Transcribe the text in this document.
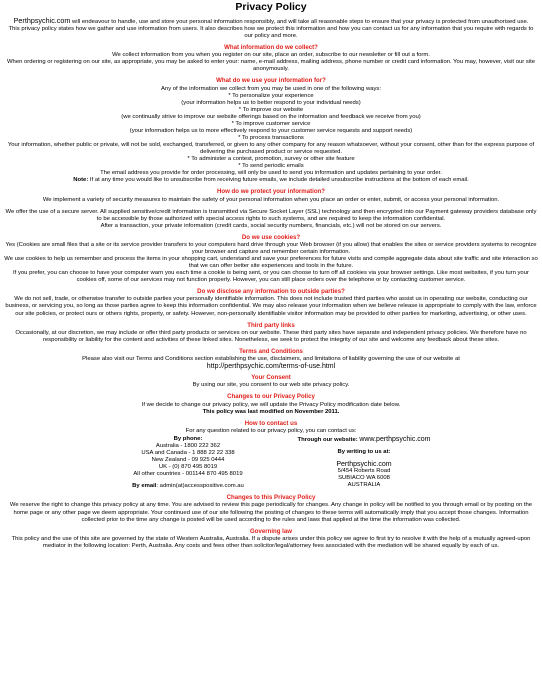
Privacy Policy

Perthpsychic.com will endeavour to handle, use and store your personal information responsibly, and will take all reasonable steps to ensure that your privacy is protected from unauthorised use.

This privacy policy states how we gather and use information from users. It also describes how we protect this information and how you can contact us for any information that you require with regards to our policy and more.

What information do we collect?

We collect information from you when you register on our site, place an order, subscribe to our newsletter or fill out a form.

When ordering or registering on our site, as appropriate, you may be asked to enter your: name, e-mail address, mailing address, phone number or credit card information. You may, however, visit our site anonymously.

What do we use your information for?

Any of the information we collect from you may be used in one of the following ways:

* To personalize your experience

(your information helps us to better respond to your individual needs)

* To improve our website

(we continually strive to improve our website offerings based on the information and feedback we receive from you)

* To improve customer service

(your information helps us to more effectively respond to your customer service requests and support needs)

* To process transactions

Your information, whether public or private, will not be sold, exchanged, transferred, or given to any other company for any reason whatsoever, without your consent, other than for the express purpose of delivering the purchased product or service requested.

* To administer a contest, promotion, survey or other site feature

* To send periodic emails

The email address you provide for order processing, will only be used to send you information and updates pertaining to your order.

Note: If at any time you would like to unsubscribe from receiving future emails, we include detailed unsubscribe instructions at the bottom of each email.

How do we protect your information?

We implement a variety of security measures to maintain the safety of your personal information when you place an order or enter, submit, or access your personal information.

We offer the use of a secure server. All supplied sensitive/credit information is transmitted via Secure Socket Layer (SSL) technology and then encrypted into our Payment gateway providers database only to be accessible by those authorized with special access rights to such systems, and are required to keep the information confidential.

After a transaction, your private information (credit cards, social security numbers, financials, etc.) will not be stored on our servers.

Do we use cookies?

Yes (Cookies are small files that a site or its service provider transfers to your computers hard drive through your Web browser (if you allow) that enables the sites or service providers systems to recognize your browser and capture and remember certain information.

We use cookies to help us remember and process the items in your shopping cart, understand and save your preferences for future visits and compile aggregate data about site traffic and site interaction so that we can offer better site experiences and tools in the future.

If you prefer, you can choose to have your computer warn you each time a cookie is being sent, or you can choose to turn off all cookies via your browser settings. Like most websites, if you turn your cookies off, some of our services may not function properly. However, you can still place orders over the telephone or by contacting customer service.

Do we disclose any information to outside parties?

We do not sell, trade, or otherwise transfer to outside parties your personally identifiable information. This does not include trusted third parties who assist us in operating our website, conducting our business, or servicing you, so long as those parties agree to keep this information confidential. We may also release your information when we believe release is appropriate to comply with the law, enforce our site policies, or protect ours or others rights, property, or safety. However, non-personally identifiable visitor information may be provided to other parties for marketing, advertising, or other uses.

Third party links

Occasionally, at our discretion, we may include or offer third party products or services on our website. These third party sites have separate and independent privacy policies. We therefore have no responsibility or liability for the content and activities of these linked sites. Nonetheless, we seek to protect the integrity of our site and welcome any feedback about these sites.

Terms and Conditions

Please also visit our Terms and Conditions section establishing the use, disclaimers, and limitations of liability governing the use of our website at

http://perthpsychic.com/terms-of-use.html

Your Consent

By using our site, you consent to our web site privacy policy.

Changes to our Privacy Policy

If we decide to change our privacy policy, we will update the Privacy Policy modification date below.

This policy was last modified on November 2011.

How to contact us

For any question related to our privacy policy, you can contact us:

By phone:

Australia - 1800 222 362

USA and Canada - 1 888 22 22 338

New Zealand - 09 925 0444

UK - (0) 870 495 8019

All other countries - 001144 870 495 8019

By email: admin(at)accesspositive.com.au

Through our website: www.perthpsychic.com

By writing to us at:

Perthpsychic.com

5/454 Roberts Road

SUBIACO WA 6008

AUSTRALIA

Changes to this Privacy Policy

We reserve the right to change this privacy policy at any time. You are advised to review this page periodically for changes. Any change in policy will be notified to you through email or by posting on the home page or any other page we deem appropriate. Your continued use of our site following the posting of changes to these terms will automatically imply that you accept those changes. Information collected prior to the time any change is posted will be used according to the rules and laws that applied at the time the information was collected.

Governing law

This policy and the use of this site are governed by the state of Western Australia, Australia. If a dispute arises under this policy we agree to first try to resolve it with the help of a mutually agreed-upon mediator in the following location: Perth, Australia. Any costs and fees other than solicitor/legal/attorney fees associated with the mediation will be shared equally by each of us.
